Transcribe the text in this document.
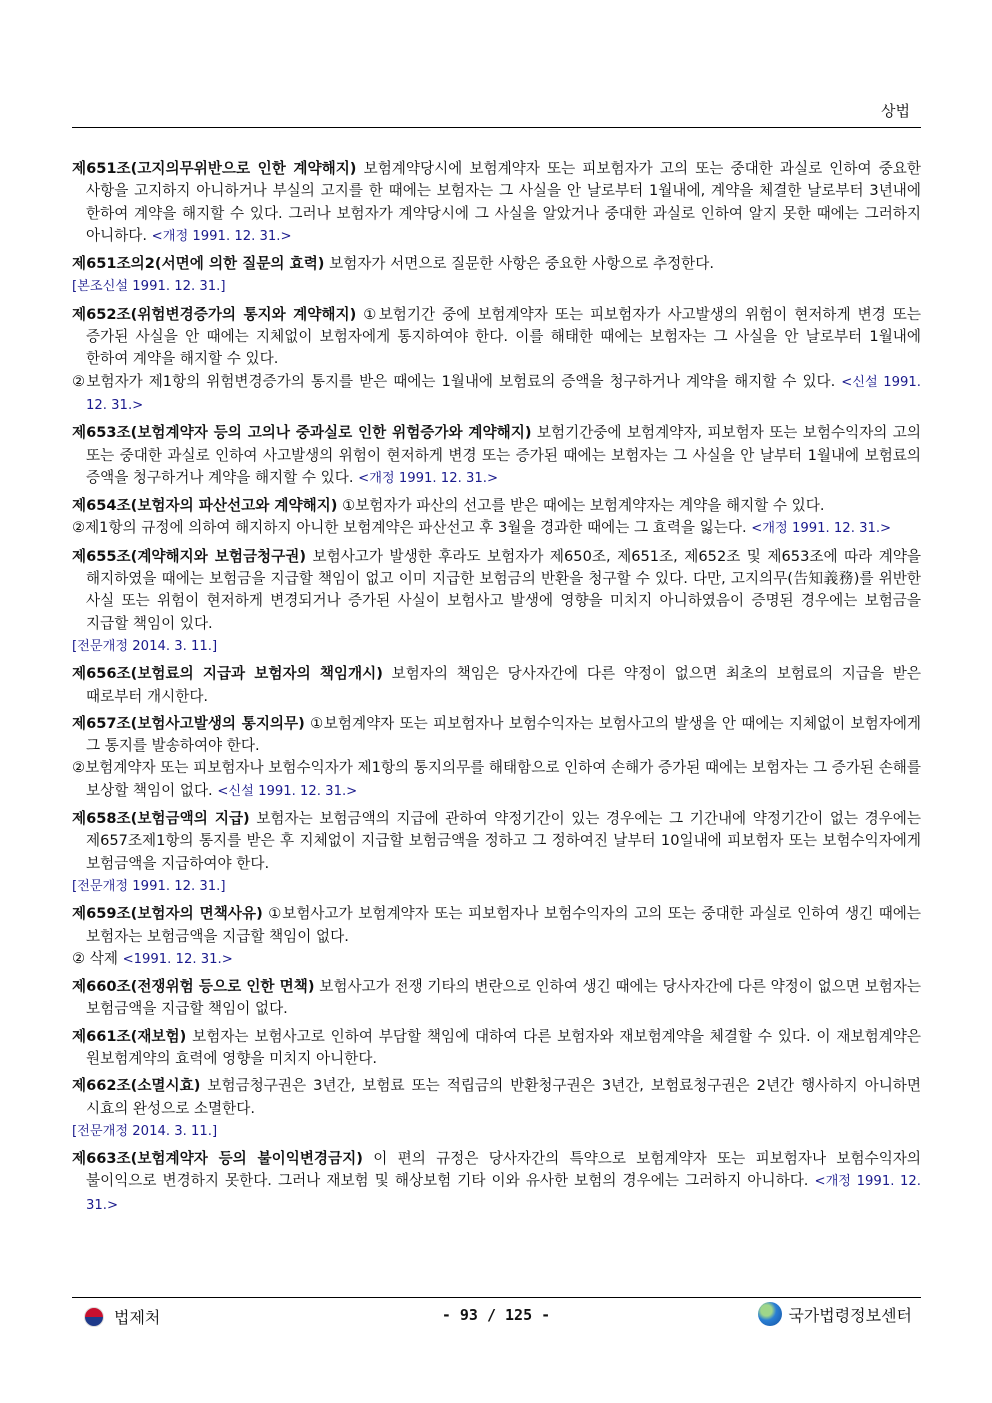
상법
제651조(고지의무위반으로 인한 계약해지) 보험계약당시에 보험계약자 또는 피보험자가 고의 또는 중대한 과실로 인하여 중요한 사항을 고지하지 아니하거나 부실의 고지를 한 때에는 보험자는 그 사실을 안 날로부터 1월내에, 계약을 체결한 날로부터 3년내에 한하여 계약을 해지할 수 있다. 그러나 보험자가 계약당시에 그 사실을 알았거나 중대한 과실로 인하여 알지 못한 때에는 그러하지 아니하다. <개정 1991. 12. 31.>
제651조의2(서면에 의한 질문의 효력) 보험자가 서면으로 질문한 사항은 중요한 사항으로 추정한다.
[본조신설 1991. 12. 31.]
제652조(위험변경증가의 통지와 계약해지) ①보험기간 중에 보험계약자 또는 피보험자가 사고발생의 위험이 현저하게 변경 또는 증가된 사실을 안 때에는 지체없이 보험자에게 통지하여야 한다. 이를 해태한 때에는 보험자는 그 사실을 안 날로부터 1월내에 한하여 계약을 해지할 수 있다.
②보험자가 제1항의 위험변경증가의 통지를 받은 때에는 1월내에 보험료의 증액을 청구하거나 계약을 해지할 수 있다. <신설 1991. 12. 31.>
제653조(보험계약자 등의 고의나 중과실로 인한 위험증가와 계약해지) 보험기간중에 보험계약자, 피보험자 또는 보험수익자의 고의 또는 중대한 과실로 인하여 사고발생의 위험이 현저하게 변경 또는 증가된 때에는 보험자는 그 사실을 안 날부터 1월내에 보험료의 증액을 청구하거나 계약을 해지할 수 있다. <개정 1991. 12. 31.>
제654조(보험자의 파산선고와 계약해지) ①보험자가 파산의 선고를 받은 때에는 보험계약자는 계약을 해지할 수 있다.
②제1항의 규정에 의하여 해지하지 아니한 보험계약은 파산선고 후 3월을 경과한 때에는 그 효력을 잃는다. <개정 1991. 12. 31.>
제655조(계약해지와 보험금청구권) 보험사고가 발생한 후라도 보험자가 제650조, 제651조, 제652조 및 제653조에 따라 계약을 해지하였을 때에는 보험금을 지급할 책임이 없고 이미 지급한 보험금의 반환을 청구할 수 있다. 다만, 고지의무(告知義務)를 위반한 사실 또는 위험이 현저하게 변경되거나 증가된 사실이 보험사고 발생에 영향을 미치지 아니하였음이 증명된 경우에는 보험금을 지급할 책임이 있다.
[전문개정 2014. 3. 11.]
제656조(보험료의 지급과 보험자의 책임개시) 보험자의 책임은 당사자간에 다른 약정이 없으면 최초의 보험료의 지급을 받은 때로부터 개시한다.
제657조(보험사고발생의 통지의무) ①보험계약자 또는 피보험자나 보험수익자는 보험사고의 발생을 안 때에는 지체없이 보험자에게 그 통지를 발송하여야 한다.
②보험계약자 또는 피보험자나 보험수익자가 제1항의 통지의무를 해태함으로 인하여 손해가 증가된 때에는 보험자는 그 증가된 손해를 보상할 책임이 없다. <신설 1991. 12. 31.>
제658조(보험금액의 지급) 보험자는 보험금액의 지급에 관하여 약정기간이 있는 경우에는 그 기간내에 약정기간이 없는 경우에는 제657조제1항의 통지를 받은 후 지체없이 지급할 보험금액을 정하고 그 정하여진 날부터 10일내에 피보험자 또는 보험수익자에게 보험금액을 지급하여야 한다.
[전문개정 1991. 12. 31.]
제659조(보험자의 면책사유) ①보험사고가 보험계약자 또는 피보험자나 보험수익자의 고의 또는 중대한 과실로 인하여 생긴 때에는 보험자는 보험금액을 지급할 책임이 없다.
② 삭제 <1991. 12. 31.>
제660조(전쟁위험 등으로 인한 면책) 보험사고가 전쟁 기타의 변란으로 인하여 생긴 때에는 당사자간에 다른 약정이 없으면 보험자는 보험금액을 지급할 책임이 없다.
제661조(재보험) 보험자는 보험사고로 인하여 부담할 책임에 대하여 다른 보험자와 재보험계약을 체결할 수 있다. 이 재보험계약은 원보험계약의 효력에 영향을 미치지 아니한다.
제662조(소멸시효) 보험금청구권은 3년간, 보험료 또는 적립금의 반환청구권은 3년간, 보험료청구권은 2년간 행사하지 아니하면 시효의 완성으로 소멸한다.
[전문개정 2014. 3. 11.]
제663조(보험계약자 등의 불이익변경금지) 이 편의 규정은 당사자간의 특약으로 보험계약자 또는 피보험자나 보험수익자의 불이익으로 변경하지 못한다. 그러나 재보험 및 해상보험 기타 이와 유사한 보험의 경우에는 그러하지 아니하다. <개정 1991. 12. 31.>
법제처	- 93 / 125 -	국가법령정보센터
